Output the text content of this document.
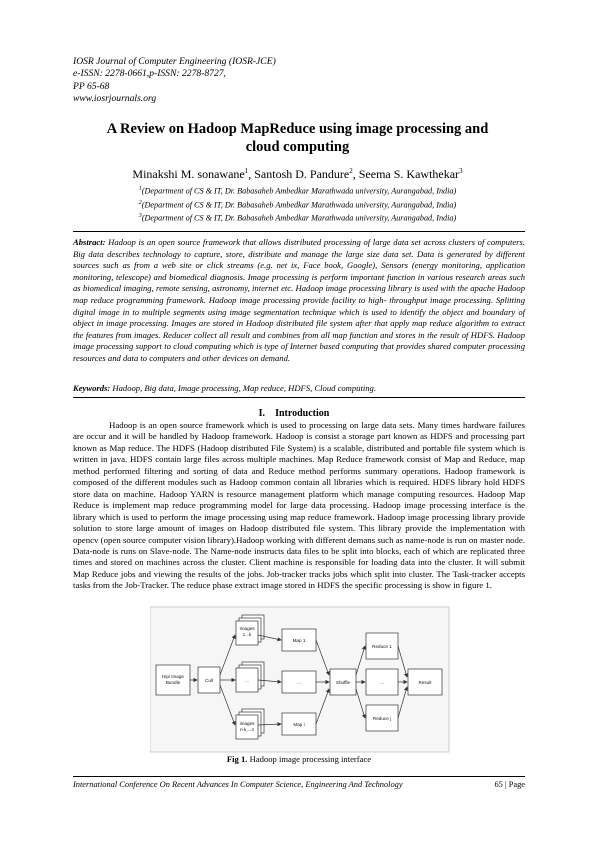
IOSR Journal of Computer Engineering (IOSR-JCE)
e-ISSN: 2278-0661,p-ISSN: 2278-8727,
PP 65-68
www.iosrjournals.org
A Review on Hadoop MapReduce using image processing and
cloud computing
Minakshi M. sonawane$^1$, Santosh D. Pandure$^2$, Seema S. Kawthekar$^3$
$^1$(Department of CS & IT, Dr. Babasaheb Ambedkar Marathwada university, Aurangabad, India)
$^2$(Department of CS & IT, Dr. Babasaheb Ambedkar Marathwada university, Aurangabad, India)
$^3$(Department of CS & IT, Dr. Babasaheb Ambedkar Marathwada university, Aurangabad, India)
Abstract: Hadoop is an open source framework that allows distributed processing of large data set across clusters of computers. Big data describes technology to capture, store, distribute and manage the large size data set. Data is generated by different sources such as from a web site or click streams (e.g. net ix, Face book, Google), Sensors (energy monitoring, application monitoring, telescope) and biomedical diagnosis. Image processing is perform important function in various research areas such as biomedical imaging, remote sensing, astronomy, internet etc. Hadoop image processing library is used with the apache Hadoop map reduce programming framework. Hadoop image processing provide facility to high- throughput image processing. Splitting digital image in to multiple segments using image segmentation technique which is used to identify the object and boundary of object in image processing. Images are stored in Hadoop distributed file system after that apply map reduce algorithm to extract the features from images. Reducer collect all result and combines from all map function and stores in the result of HDFS. Hadoop image processing support to cloud computing which is type of Internet based computing that provides shared computer processing resources and data to computers and other devices on demand.
Keywords: Hadoop, Big data, Image processing, Map reduce, HDFS, Cloud computing.
I. Introduction
Hadoop is an open source framework which is used to processing on large data sets. Many times hardware failures are occur and it will be handled by Hadoop framework. Hadoop is consist a storage part known as HDFS and processing part known as Map reduce. The HDFS (Hadoop distributed File System) is a scalable, distributed and portable file system which is written in java. HDFS contain large files across multiple machines. Map Reduce framework consist of Map and Reduce, map method performed filtering and sorting of data and Reduce method performs summary operations. Hadoop framework is composed of the different modules such as Hadoop common contain all libraries which is required. HDFS library hold HDFS store data on machine. Hadoop YARN is resource management platform which manage computing resources. Hadoop Map Reduce is implement map reduce programming model for large data processing. Hadoop image processing interface is the library which is used to perform the image processing using map reduce framework. Hadoop image processing library provide solution to store large amount of images on Hadoop distributed file system. This library provide the implementation with opencv (open source computer vision library).Hadoop working with different demans such as name-node is run on master node. Data-node is runs on Slave-node. The Name-node instructs data files to be split into blocks, each of which are replicated three times and stored on machines across the cluster. Client machine is responsible for loading data into the cluster. It will submit Map Reduce jobs and viewing the results of the jobs. Job-tracker tracks jobs which split into cluster. The Task-tracker accepts tasks from the Job-Tracker. The reduce phase extract image stored in HDFS the specific processing is show in figure 1.
Hipi Image
Bundle	Cull
Images
1...k
...
images
n-k,...n
Map 1
...
Map i
Shuffle
Reduce 1
...
Reduce j
Result
Fig 1. Hadoop image processing interface
International Conference On Recent Advances In Computer Science, Engineering And Technology	65 | Page
